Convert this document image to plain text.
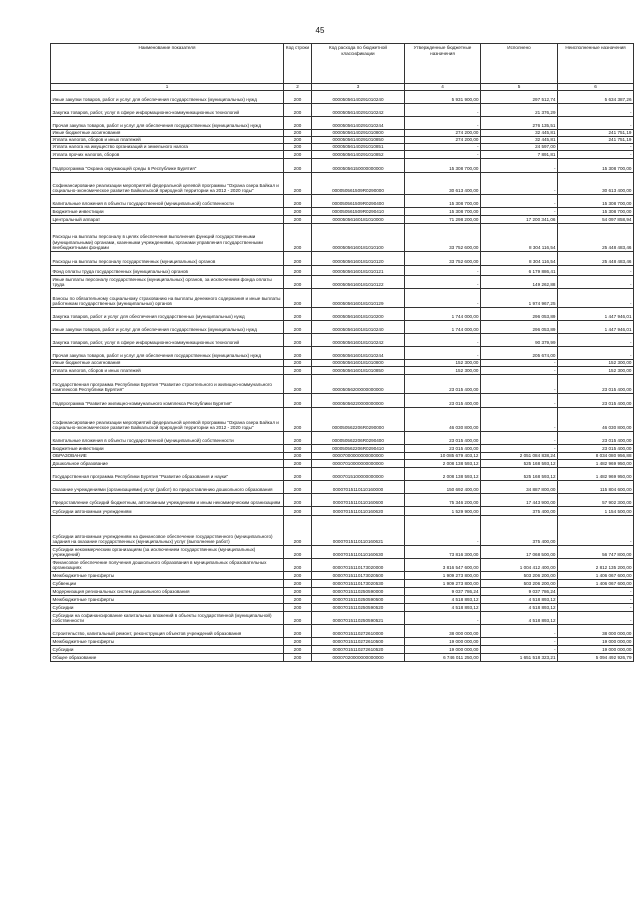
45
Наименование показателя	Код строки	Код расхода по бюджетной классификации	Утвержденные бюджетные назначения	Исполнено	Неисполненные назначения
1	2	3	4	5	6
Иные закупки товаров, работ и услуг для обеспечения государственных (муниципальных) нужд	200	00005056140291010240	5 931 900,00	297 512,74	5 634 387,26
Закупка товаров, работ, услуг в сфере информационно-коммуникационных технологий	200	00005056140291010242	-	21 376,29	-
Прочая закупка товаров, работ и услуг для обеспечения государственных (муниципальных) нужд	200	00005056140291010244	-	276 135,51	-
Иные бюджетные ассигнования	200	00005056140291010800	274 200,00	32 445,81	241 751,19
Уплата налогов, сборов и иных платежей	200	00005056140291010850	274 200,00	32 445,81	241 751,19
Уплата налога на имущество организаций и земельного налога	200	00005056140291010851	-	24 597,00	-
Уплата прочих налогов, сборов	200	00005056140291010852	-	7 891,81	-
Подпрограмма "Охрана окружающей среды в Республике Бурятия"	200	00005056150000000000	15 308 700,00	-	15 308 700,00
Софинансирование реализации мероприятий федеральной целевой программы "Охрана озера Байкал и социально-экономическое развитие Байкальской природной территории на 2012 - 2020 годы"	200	000050561509R0290000	30 613 400,00	-	30 613 400,00
Капитальные вложения в объекты государственной (муниципальной) собственности	200	000050561509R0290400	15 308 700,00	-	15 308 700,00
Бюджетные инвестиции	200	000050561509R0290410	15 308 700,00	-	15 308 700,00
Центральный аппарат	200	00005056160181010000	71 298 200,00	17 200 341,06	54 097 858,94
Расходы на выплаты персоналу в целях обеспечения выполнения функций государственными (муниципальными) органами, казенными учреждениями, органами управления государственными внебюджетными фондами	200	00005056160181010100	33 752 600,00	8 304 116,54	25 448 483,46
Расходы на выплаты персоналу государственных (муниципальных) органов	200	00005056160181010120	33 752 600,00	8 304 116,54	25 448 483,46
Фонд оплаты труда государственных (муниципальных) органов	200	00005056160181010121	-	6 179 886,41	-
Иные выплаты персоналу государственных (муниципальных) органов, за исключением фонда оплаты труда	200	00005056160181010122	-	149 262,88	-
Взносы по обязательному социальному страхованию на выплаты денежного содержания и иные выплаты работникам государственных (муниципальных) органов	200	00005056160181010129	-	1 974 967,25	-
Закупка товаров, работ и услуг для обеспечения государственных (муниципальных) нужд	200	00005056160181010200	1 744 000,00	296 053,89	1 447 946,01
Иные закупки товаров, работ и услуг для обеспечения государственных (муниципальных) нужд	200	00005056160181010240	1 744 000,00	296 053,89	1 447 946,01
Закупка товаров, работ, услуг в сфере информационно-коммуникационных технологий	200	00005056160181010242	-	90 379,99	-
Прочая закупка товаров, работ и услуг для обеспечения государственных (муниципальных) нужд	200	00005056160181010244	-	205 674,00	-
Иные бюджетные ассигнования	200	00005056160181010800	152 300,00	-	152 300,00
Уплата налогов, сборов и иных платежей	200	00005056160181010850	152 300,00	-	152 300,00
Государственная программа Республики Бурятия "Развитие строительного и жилищно-коммунального комплексов Республики Бурятия"	200	00005056200000000000	23 015 400,00	-	23 015 400,00
Подпрограмма "Развитие жилищно-коммунального комплекса Республики Бурятия"	200	00005056220000000000	23 015 400,00	-	23 015 400,00
Софинансирование реализации мероприятий федеральной целевой программы "Охрана озера Байкал и социально-экономическое развитие Байкальской природной территории на 2012 - 2020 годы"	200	000050562206R0290000	46 030 800,00	-	46 030 800,00
Капитальные вложения в объекты государственной (муниципальной) собственности	200	000050562206R0290400	23 015 400,00	-	23 015 400,00
Бюджетные инвестиции	200	000050562206R0290410	23 015 400,00	-	23 015 400,00
ОБРАЗОВАНИЕ	200	00007000000000000000	10 085 679 403,12	2 051 084 838,24	8 034 080 956,88
Дошкольное образование	200	00007010000000000000	2 008 138 593,12	525 168 593,12	1 482 969 950,00
Государственная программа Республики Бурятия "Развитие образования и науки"	200	00007015100000000000	2 008 138 593,12	525 168 593,12	1 482 969 950,00
Оказание учреждениями (организациями) услуг (работ) по предоставлению дошкольного образования	200	00007015110110160000	150 692 400,00	34 887 800,00	115 804 600,00
Предоставление субсидий бюджетным, автономным учреждениям и иным некоммерческим организациям	200	00007015110110160600	75 346 200,00	17 443 900,00	57 902 300,00
Субсидии автономным учреждениям	200	00007015110110160620	1 529 900,00	375 400,00	1 154 500,00
Субсидии автономным учреждениям на финансовое обеспечение государственного (муниципального) задания на оказание государственных (муниципальных) услуг (выполнение работ)	200	00007015110110160621	-	375 400,00	-
Субсидии некоммерческим организациям (за исключением государственных (муниципальных) учреждений)	200	00007015110110160630	73 816 300,00	17 068 500,00	56 747 800,00
Финансовое обеспечение получения дошкольного образования в муниципальных образовательных организациях	200	00007015110173020000	3 816 547 600,00	1 004 412 400,00	2 812 135 200,00
Межбюджетные трансферты	200	00007015110173020500	1 909 273 800,00	503 206 200,00	1 406 067 600,00
Субвенции	200	00007015110173020530	1 909 273 800,00	503 206 200,00	1 406 067 600,00
Модернизация региональных систем дошкольного образования	200	00007015110250590000	9 037 786,24	9 037 786,24	-
Межбюджетные трансферты	200	00007015110250590500	4 518 893,12	4 518 893,12	-
Субсидии	200	00007015110250590520	4 518 893,12	4 518 893,12	-
Субсидии на софинансирование капитальных вложений в объекты государственной (муниципальной) собственности	200	00007015110250590521	-	4 518 893,12	-
Строительство, капитальный ремонт, реконструкция объектов учреждений образования	200	00007015110272610000	38 000 000,00	-	38 000 000,00
Межбюджетные трансферты	200	00007015110272610500	19 000 000,00	-	19 000 000,00
Субсидии	200	00007015110272610520	19 000 000,00	-	19 000 000,00
Общее образование	200	00007020000000000000	6 746 011 250,00	1 651 518 323,21	5 094 492 926,79
